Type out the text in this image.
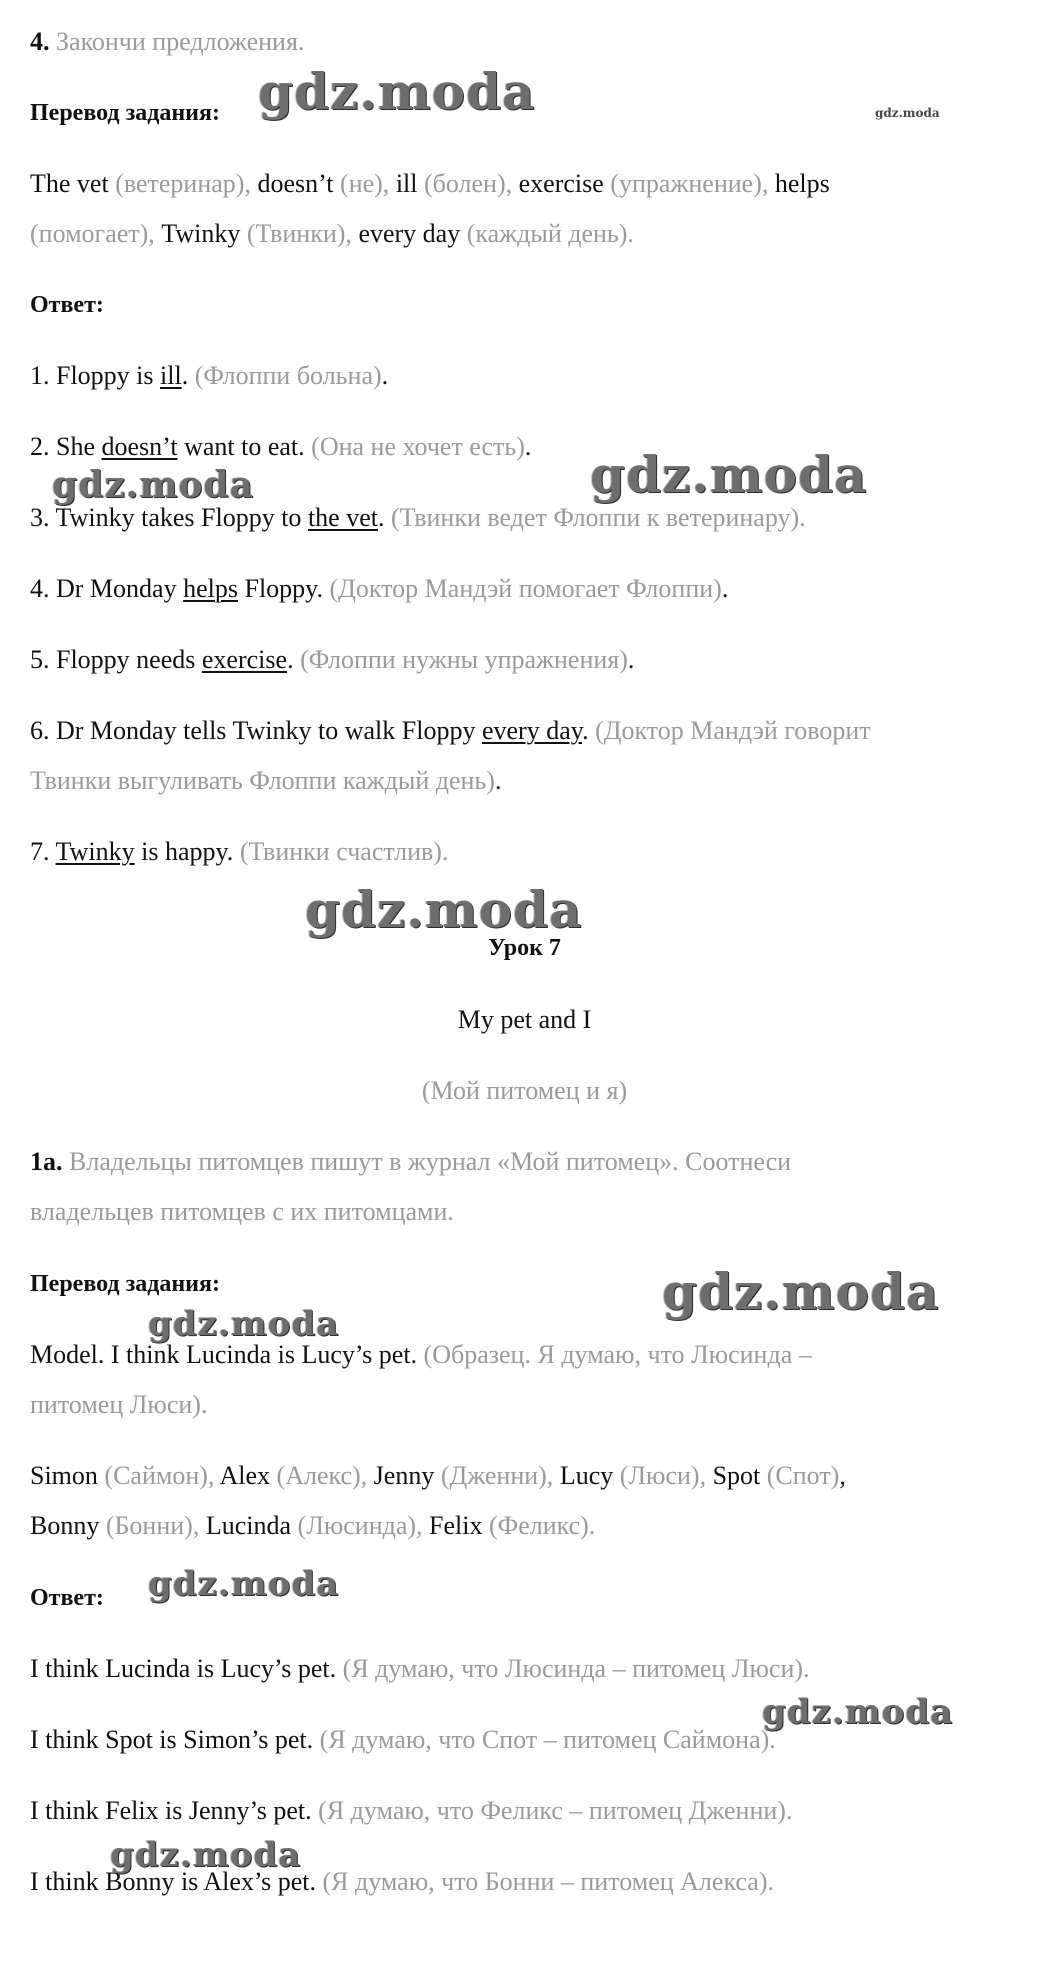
4. Закончи предложения.
Перевод задания:
The vet (ветеринар), doesn’t (не), ill (болен), exercise (упражнение), helps
(помогает), Twinky (Твинки), every day (каждый день).
Ответ:
1. Floppy is ill. (Флоппи больна).
2. She doesn’t want to eat. (Она не хочет есть).
3. Twinky takes Floppy to the vet. (Твинки ведет Флоппи к ветеринару).
4. Dr Monday helps Floppy. (Доктор Мандэй помогает Флоппи).
5. Floppy needs exercise. (Флоппи нужны упражнения).
6. Dr Monday tells Twinky to walk Floppy every day. (Доктор Мандэй говорит
Твинки выгуливать Флоппи каждый день).
7. Twinky is happy. (Твинки счастлив).
Урок 7
My pet and I
(Мой питомец и я)
1a. Владельцы питомцев пишут в журнал «Мой питомец». Соотнеси
владельцев питомцев с их питомцами.
Перевод задания:
Model. I think Lucinda is Lucy’s pet. (Образец. Я думаю, что Люсинда –
питомец Люси).
Simon (Саймон), Alex (Алекс), Jenny (Дженни), Lucy (Люси), Spot (Спот),
Bonny (Бонни), Lucinda (Люсинда), Felix (Феликс).
Ответ:
I think Lucinda is Lucy’s pet. (Я думаю, что Люсинда – питомец Люси).
I think Spot is Simon’s pet. (Я думаю, что Спот – питомец Саймона).
I think Felix is Jenny’s pet. (Я думаю, что Феликс – питомец Дженни).
I think Bonny is Alex’s pet. (Я думаю, что Бонни – питомец Алекса).
gdz.moda	gdz.moda
gdz.moda	gdz.moda
gdz.moda
gdz.moda
gdz.moda
gdz.moda
gdz.moda
gdz.moda
